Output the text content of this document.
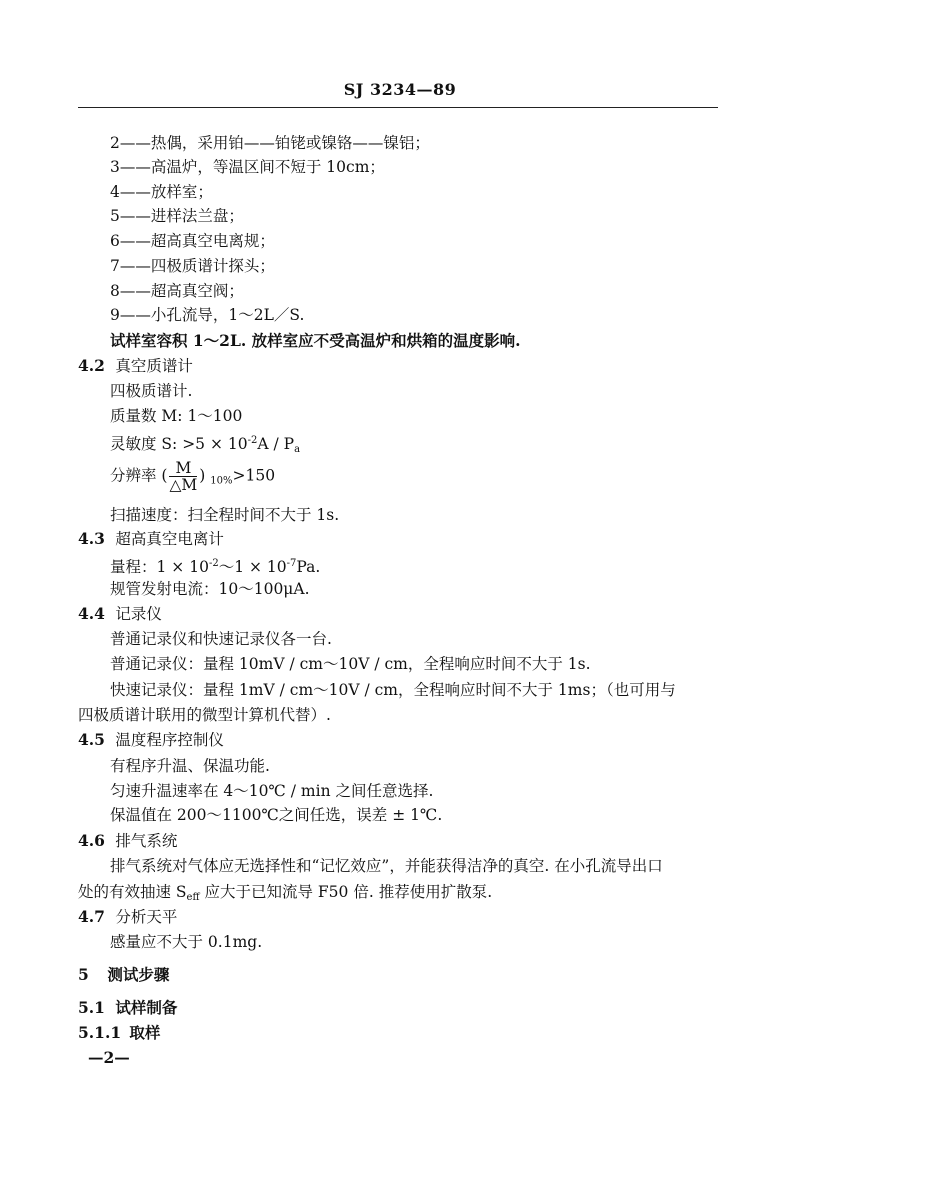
SJ 3234—89
2——热偶，采用铂——铂铑或镍铬——镍铝；
3——高温炉，等温区间不短于 10cm；
4——放样室；
5——进样法兰盘；
6——超高真空电离规；
7——四极质谱计探头；
8——超高真空阀；
9——小孔流导，1～2L／S.
试样室容积 1～2L. 放样室应不受高温炉和烘箱的温度影响.
4.2 真空质谱计
四极质谱计.
质量数 M: 1～100
灵敏度 S: $>5 \times 10^{-2}A / P_a$
分辨率 ( $\frac{M}{\triangle M}$ ) $_{10\%}$>150
扫描速度：扫全程时间不大于 1s.
4.3 超高真空电离计
量程：$1 \times 10^{-2}\sim 1 \times 10^{-7}Pa$.
规管发射电流：10～100μA.
4.4 记录仪
普通记录仪和快速记录仪各一台.
普通记录仪：量程 10mV / cm～10V / cm，全程响应时间不大于 1s.
快速记录仪：量程 1mV / cm～10V / cm，全程响应时间不大于 1ms；（也可用与
四极质谱计联用的微型计算机代替）.
4.5 温度程序控制仪
有程序升温、保温功能.
匀速升温速率在 4～10℃ / min 之间任意选择.
保温值在 200～1100℃之间任选，误差 ± 1℃.
4.6 排气系统
排气系统对气体应无选择性和“记忆效应”，并能获得洁净的真空. 在小孔流导出口
处的有效抽速 $S_{eff}$ 应大于已知流导 F50 倍. 推荐使用扩散泵.
4.7 分析天平
感量应不大于 0.1mg.
5 测试步骤
5.1 试样制备
5.1.1 取样
—2—
